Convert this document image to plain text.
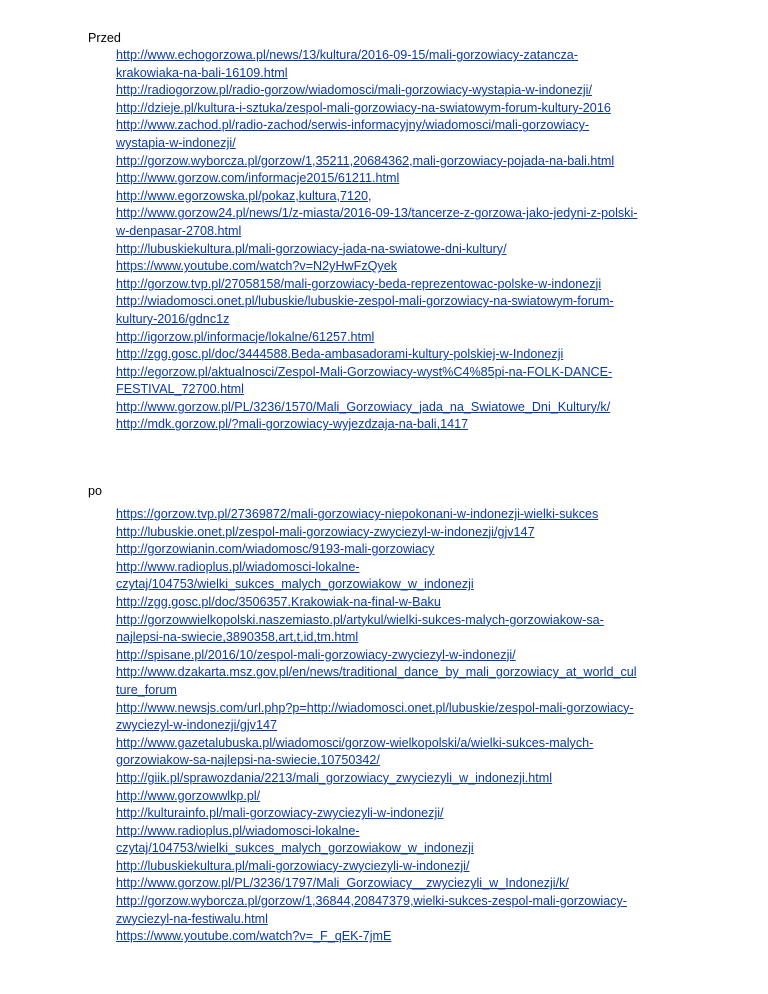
Przed

http://www.echogorzowa.pl/news/13/kultura/2016-09-15/mali-gorzowiacy-zatancza-
krakowiaka-na-bali-16109.html
http://radiogorzow.pl/radio-gorzow/wiadomosci/mali-gorzowiacy-wystapia-w-indonezji/
http://dzieje.pl/kultura-i-sztuka/zespol-mali-gorzowiacy-na-swiatowym-forum-kultury-2016
http://www.zachod.pl/radio-zachod/serwis-informacyjny/wiadomosci/mali-gorzowiacy-
wystapia-w-indonezji/
http://gorzow.wyborcza.pl/gorzow/1,35211,20684362,mali-gorzowiacy-pojada-na-bali.html
http://www.gorzow.com/informacje2015/61211.html
http://www.egorzowska.pl/pokaz,kultura,7120,
http://www.gorzow24.pl/news/1/z-miasta/2016-09-13/tancerze-z-gorzowa-jako-jedyni-z-polski-
w-denpasar-2708.html
http://lubuskiekultura.pl/mali-gorzowiacy-jada-na-swiatowe-dni-kultury/
https://www.youtube.com/watch?v=N2yHwFzQyek
http://gorzow.tvp.pl/27058158/mali-gorzowiacy-beda-reprezentowac-polske-w-indonezji
http://wiadomosci.onet.pl/lubuskie/lubuskie-zespol-mali-gorzowiacy-na-swiatowym-forum-
kultury-2016/gdnc1z
http://igorzow.pl/informacje/lokalne/61257.html
http://zgg.gosc.pl/doc/3444588.Beda-ambasadorami-kultury-polskiej-w-Indonezji
http://egorzow.pl/aktualnosci/Zespol-Mali-Gorzowiacy-wyst%C4%85pi-na-FOLK-DANCE-
FESTIVAL_72700.html
http://www.gorzow.pl/PL/3236/1570/Mali_Gorzowiacy_jada_na_Swiatowe_Dni_Kultury/k/
http://mdk.gorzow.pl/?mali-gorzowiacy-wyjezdzaja-na-bali,1417

po

https://gorzow.tvp.pl/27369872/mali-gorzowiacy-niepokonani-w-indonezji-wielki-sukces
http://lubuskie.onet.pl/zespol-mali-gorzowiacy-zwyciezyl-w-indonezji/gjv147
http://gorzowianin.com/wiadomosc/9193-mali-gorzowiacy
http://www.radioplus.pl/wiadomosci-lokalne-
czytaj/104753/wielki_sukces_malych_gorzowiakow_w_indonezji
http://zgg.gosc.pl/doc/3506357.Krakowiak-na-final-w-Baku
http://gorzowwielkopolski.naszemiasto.pl/artykul/wielki-sukces-malych-gorzowiakow-sa-
najlepsi-na-swiecie,3890358,art,t,id,tm.html
http://spisane.pl/2016/10/zespol-mali-gorzowiacy-zwyciezyl-w-indonezji/
http://www.dzakarta.msz.gov.pl/en/news/traditional_dance_by_mali_gorzowiacy_at_world_cul
ture_forum
http://www.newsjs.com/url.php?p=http://wiadomosci.onet.pl/lubuskie/zespol-mali-gorzowiacy-
zwyciezyl-w-indonezji/gjv147
http://www.gazetalubuska.pl/wiadomosci/gorzow-wielkopolski/a/wielki-sukces-malych-
gorzowiakow-sa-najlepsi-na-swiecie,10750342/
http://giik.pl/sprawozdania/2213/mali_gorzowiacy_zwyciezyli_w_indonezji.html
http://www.gorzowwlkp.pl/
http://kulturainfo.pl/mali-gorzowiacy-zwyciezyli-w-indonezji/
http://www.radioplus.pl/wiadomosci-lokalne-
czytaj/104753/wielki_sukces_malych_gorzowiakow_w_indonezji
http://lubuskiekultura.pl/mali-gorzowiacy-zwyciezyli-w-indonezji/
http://www.gorzow.pl/PL/3236/1797/Mali_Gorzowiacy__zwyciezyli_w_Indonezji/k/
http://gorzow.wyborcza.pl/gorzow/1,36844,20847379,wielki-sukces-zespol-mali-gorzowiacy-
zwyciezyl-na-festiwalu.html
https://www.youtube.com/watch?v=_F_qEK-7jmE
